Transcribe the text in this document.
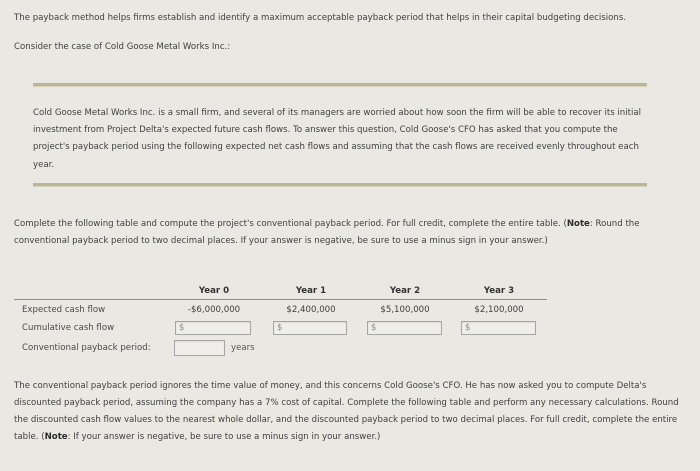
The payback method helps firms establish and identify a maximum acceptable payback period that helps in their capital budgeting decisions.
Consider the case of Cold Goose Metal Works Inc.:
Cold Goose Metal Works Inc. is a small firm, and several of its managers are worried about how soon the firm will be able to recover its initial investment from Project Delta's expected future cash flows. To answer this question, Cold Goose's CFO has asked that you compute the project's payback period using the following expected net cash flows and assuming that the cash flows are received evenly throughout each year.
Complete the following table and compute the project's conventional payback period. For full credit, complete the entire table. (Note: Round the conventional payback period to two decimal places. If your answer is negative, be sure to use a minus sign in your answer.)
Year 0	Year 1	Year 2	Year 3
Expected cash flow	-$6,000,000	$2,400,000	$5,100,000	$2,100,000
Cumulative cash flow	$	$	$	$
Conventional payback period:	years
The conventional payback period ignores the time value of money, and this concerns Cold Goose's CFO. He has now asked you to compute Delta's discounted payback period, assuming the company has a 7% cost of capital. Complete the following table and perform any necessary calculations. Round the discounted cash flow values to the nearest whole dollar, and the discounted payback period to two decimal places. For full credit, complete the entire table. (Note: If your answer is negative, be sure to use a minus sign in your answer.)
